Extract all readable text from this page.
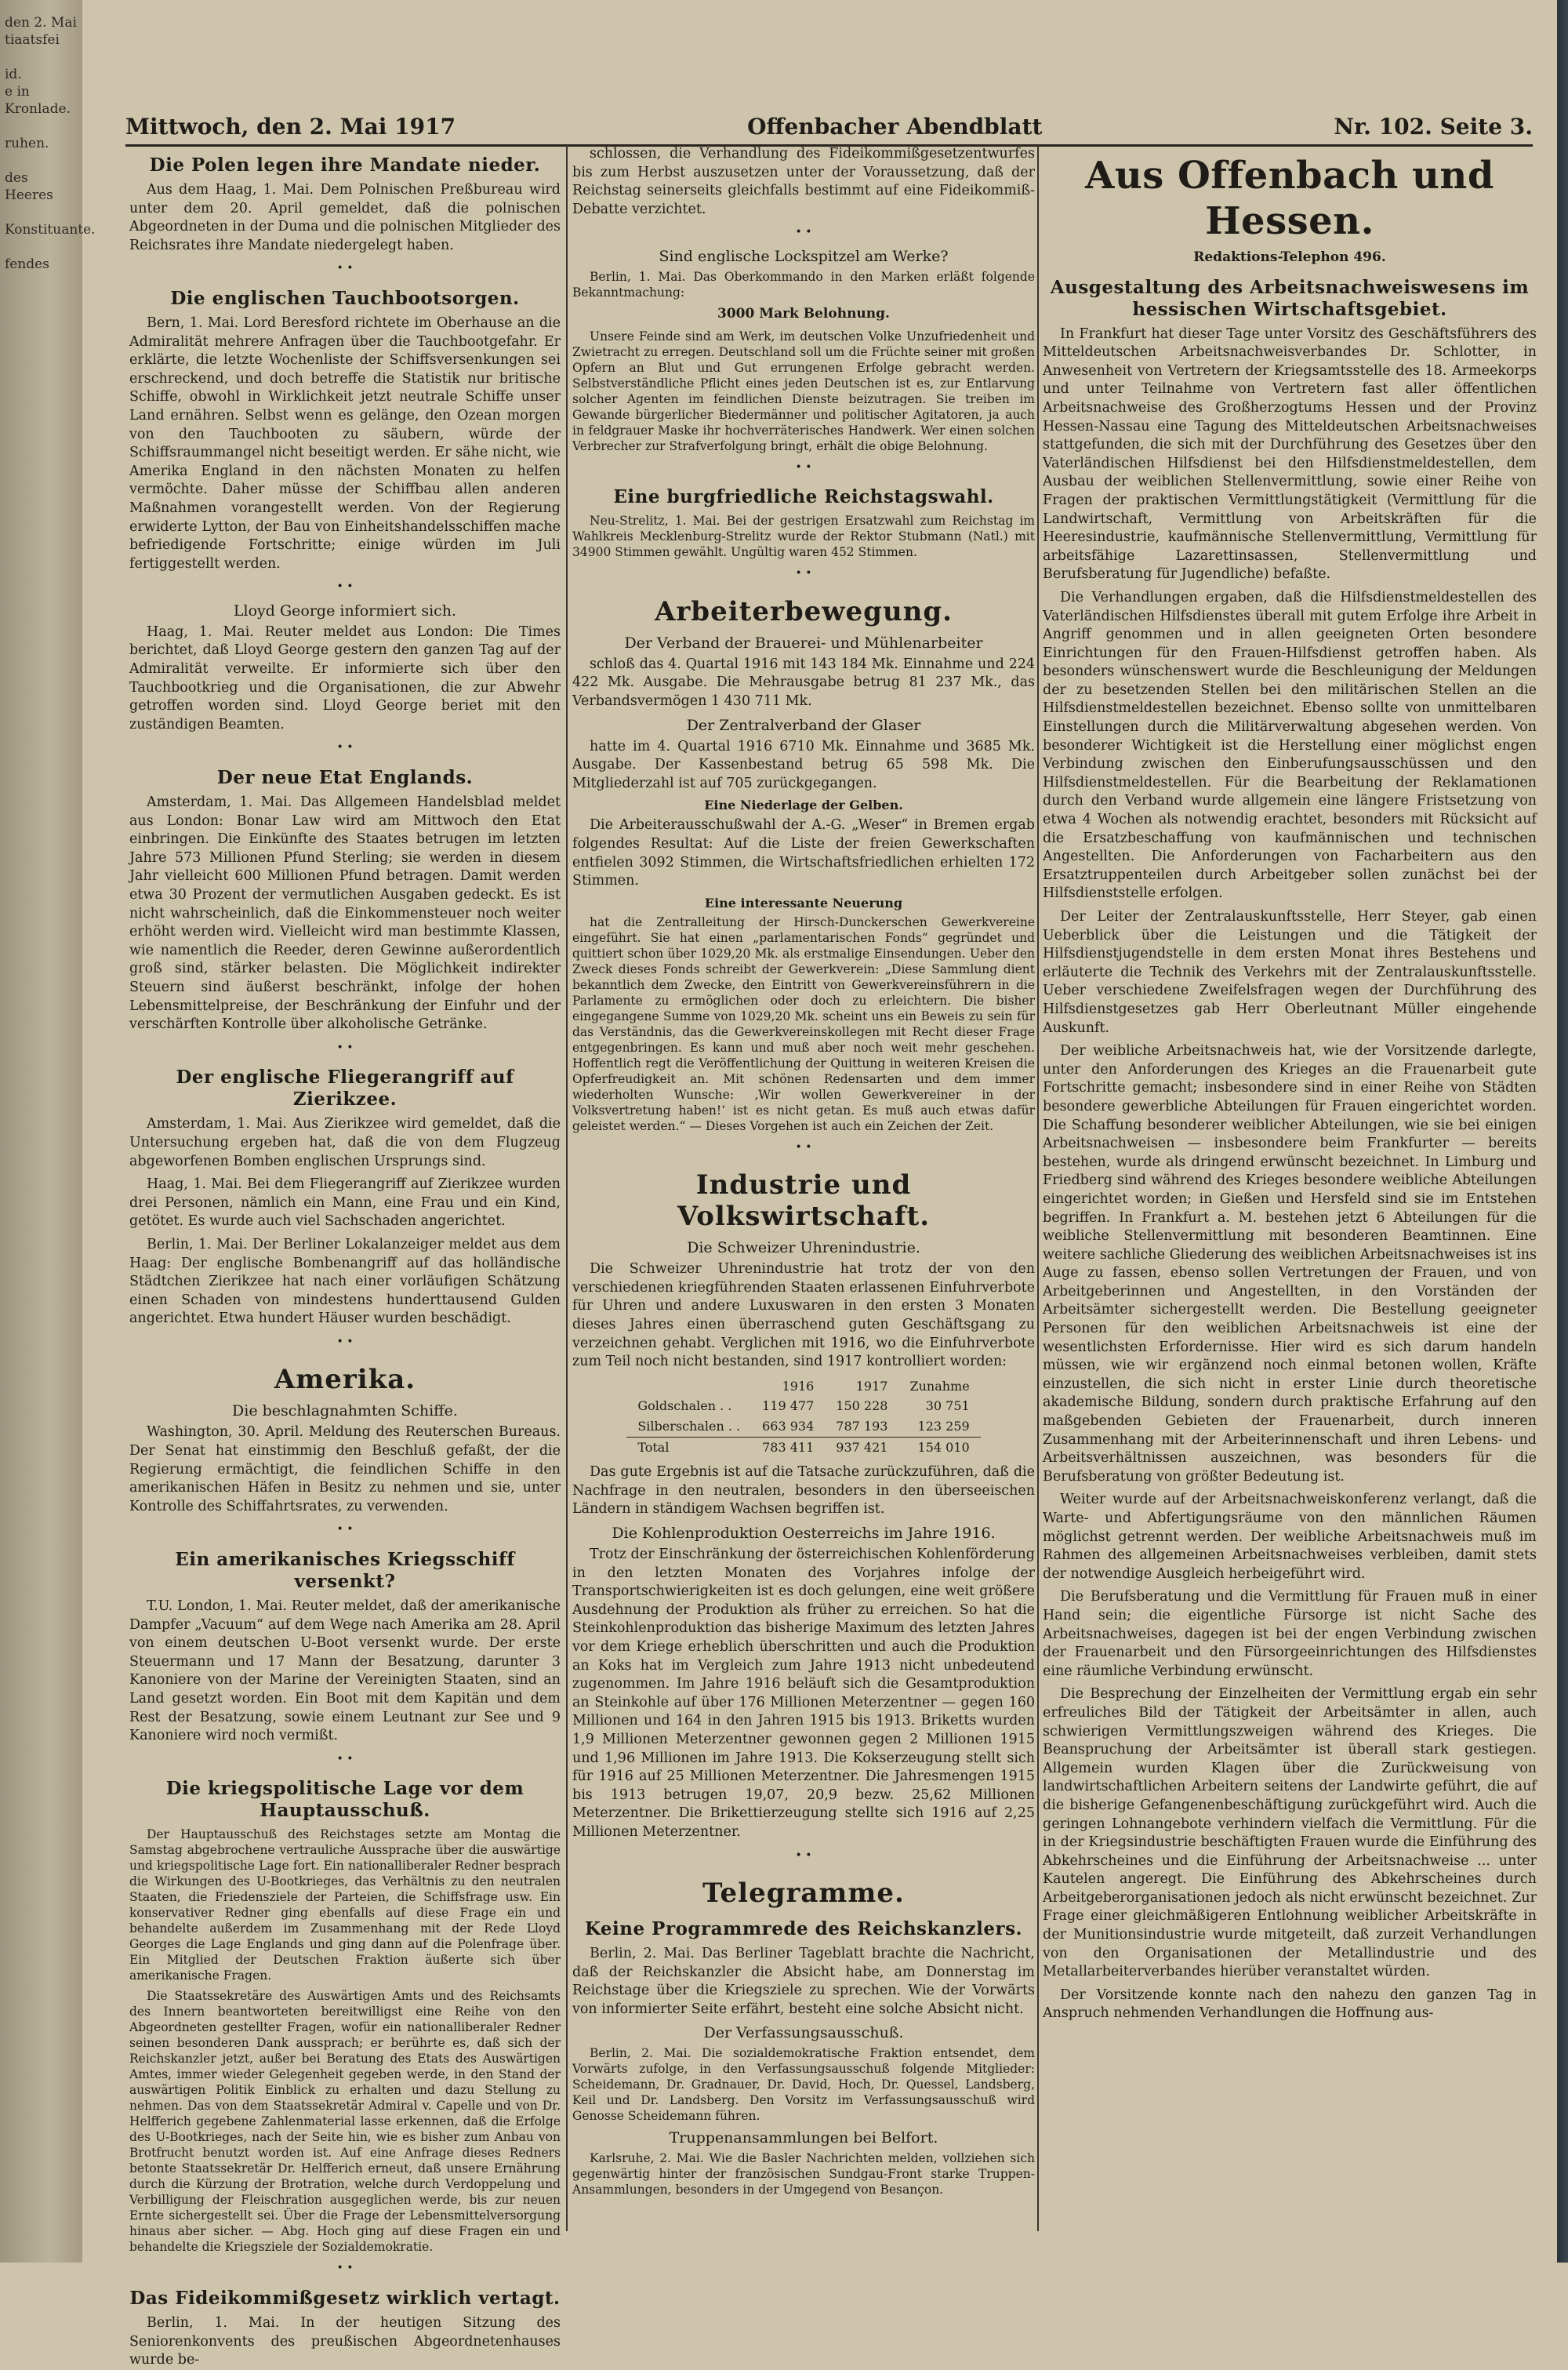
den 2. Mai
tiaatsfei

id.
e in Kronlade.

ruhen.

des Heeres

Konstituante.

fendes
Mittwoch, den 2. Mai 1917	Offenbacher Abendblatt	Nr. 102. Seite 3.
Die Polen legen ihre Mandate nieder.

Aus dem Haag, 1. Mai. Dem Polnischen Preßbureau wird unter dem 20. April gemeldet, daß die polnischen Abgeordneten in der Duma und die polnischen Mitglieder des Reichsrates ihre Mandate niedergelegt haben.

• •
Die englischen Tauchbootsorgen.

Bern, 1. Mai. Lord Beresford richtete im Oberhause an die Admiralität mehrere Anfragen über die Tauchbootgefahr. Er erklärte, die letzte Wochenliste der Schiffsversenkungen sei erschreckend, und doch betreffe die Statistik nur britische Schiffe, obwohl in Wirklichkeit jetzt neutrale Schiffe unser Land ernähren. Selbst wenn es gelänge, den Ozean morgen von den Tauchbooten zu säubern, würde der Schiffsraummangel nicht beseitigt werden. Er sähe nicht, wie Amerika England in den nächsten Monaten zu helfen vermöchte. Daher müsse der Schiffbau allen anderen Maßnahmen vorangestellt werden. Von der Regierung erwiderte Lytton, der Bau von Einheitshandelsschiffen mache befriedigende Fortschritte; einige würden im Juli fertiggestellt werden.

• •
Lloyd George informiert sich.

Haag, 1. Mai. Reuter meldet aus London: Die Times berichtet, daß Lloyd George gestern den ganzen Tag auf der Admiralität verweilte. Er informierte sich über den Tauchbootkrieg und die Organisationen, die zur Abwehr getroffen worden sind. Lloyd George beriet mit den zuständigen Beamten.

• •
Der neue Etat Englands.

Amsterdam, 1. Mai. Das Allgemeen Handelsblad meldet aus London: Bonar Law wird am Mittwoch den Etat einbringen. Die Einkünfte des Staates betrugen im letzten Jahre 573 Millionen Pfund Sterling; sie werden in diesem Jahr vielleicht 600 Millionen Pfund betragen. Damit werden etwa 30 Prozent der vermutlichen Ausgaben gedeckt. Es ist nicht wahrscheinlich, daß die Einkommensteuer noch weiter erhöht werden wird. Vielleicht wird man bestimmte Klassen, wie namentlich die Reeder, deren Gewinne außerordentlich groß sind, stärker belasten. Die Möglichkeit indirekter Steuern sind äußerst beschränkt, infolge der hohen Lebensmittelpreise, der Beschränkung der Einfuhr und der verschärften Kontrolle über alkoholische Getränke.

• •
Der englische Fliegerangriff auf Zierikzee.

Amsterdam, 1. Mai. Aus Zierikzee wird gemeldet, daß die Untersuchung ergeben hat, daß die von dem Flugzeug abgeworfenen Bomben englischen Ursprungs sind.

Haag, 1. Mai. Bei dem Fliegerangriff auf Zierikzee wurden drei Personen, nämlich ein Mann, eine Frau und ein Kind, getötet. Es wurde auch viel Sachschaden angerichtet.

Berlin, 1. Mai. Der Berliner Lokalanzeiger meldet aus dem Haag: Der englische Bombenangriff auf das holländische Städtchen Zierikzee hat nach einer vorläufigen Schätzung einen Schaden von mindestens hunderttausend Gulden angerichtet. Etwa hundert Häuser wurden beschädigt.

• •
Amerika.
Die beschlagnahmten Schiffe.

Washington, 30. April. Meldung des Reuterschen Bureaus. Der Senat hat einstimmig den Beschluß gefaßt, der die Regierung ermächtigt, die feindlichen Schiffe in den amerikanischen Häfen in Besitz zu nehmen und sie, unter Kontrolle des Schiffahrtsrates, zu verwenden.

• •
Ein amerikanisches Kriegsschiff versenkt?

T.U. London, 1. Mai. Reuter meldet, daß der amerikanische Dampfer „Vacuum“ auf dem Wege nach Amerika am 28. April von einem deutschen U-Boot versenkt wurde. Der erste Steuermann und 17 Mann der Besatzung, darunter 3 Kanoniere von der Marine der Vereinigten Staaten, sind an Land gesetzt worden. Ein Boot mit dem Kapitän und dem Rest der Besatzung, sowie einem Leutnant zur See und 9 Kanoniere wird noch vermißt.

• •
Die kriegspolitische Lage vor dem Hauptausschuß.

Der Hauptausschuß des Reichstages setzte am Montag die Samstag abgebrochene vertrauliche Aussprache über die auswärtige und kriegspolitische Lage fort. Ein nationalliberaler Redner besprach die Wirkungen des U-Bootkrieges, das Verhältnis zu den neutralen Staaten, die Friedensziele der Parteien, die Schiffsfrage usw. Ein konservativer Redner ging ebenfalls auf diese Frage ein und behandelte außerdem im Zusammenhang mit der Rede Lloyd Georges die Lage Englands und ging dann auf die Polenfrage über. Ein Mitglied der Deutschen Fraktion äußerte sich über amerikanische Fragen.

Die Staatssekretäre des Auswärtigen Amts und des Reichsamts des Innern beantworteten bereitwilligst eine Reihe von den Abgeordneten gestellter Fragen, wofür ein nationalliberaler Redner seinen besonderen Dank aussprach; er berührte es, daß sich der Reichskanzler jetzt, außer bei Beratung des Etats des Auswärtigen Amtes, immer wieder Gelegenheit gegeben werde, in den Stand der auswärtigen Politik Einblick zu erhalten und dazu Stellung zu nehmen. Das von dem Staatssekretär Admiral v. Capelle und von Dr. Helfferich gegebene Zahlenmaterial lasse erkennen, daß die Erfolge des U-Bootkrieges, nach der Seite hin, wie es bisher zum Anbau von Brotfrucht benutzt worden ist. Auf eine Anfrage dieses Redners betonte Staatssekretär Dr. Helfferich erneut, daß unsere Ernährung durch die Kürzung der Brotration, welche durch Verdoppelung und Verbilligung der Fleischration ausgeglichen werde, bis zur neuen Ernte sichergestellt sei. Über die Frage der Lebensmittelversorgung hinaus aber sicher. — Abg. Hoch ging auf diese Fragen ein und behandelte die Kriegsziele der Sozialdemokratie.

• •
Das Fideikommißgesetz wirklich vertagt.

Berlin, 1. Mai. In der heutigen Sitzung des Seniorenkonvents des preußischen Abgeordnetenhauses wurde be-

schlossen, die Verhandlung des Fideikommißgesetzentwurfes bis zum Herbst auszusetzen unter der Voraussetzung, daß der Reichstag seinerseits gleichfalls bestimmt auf eine Fideikommiß-Debatte verzichtet.

• •
Sind englische Lockspitzel am Werke?

Berlin, 1. Mai. Das Oberkommando in den Marken erläßt folgende Bekanntmachung:

3000 Mark Belohnung.

Unsere Feinde sind am Werk, im deutschen Volke Unzufriedenheit und Zwietracht zu erregen. Deutschland soll um die Früchte seiner mit großen Opfern an Blut und Gut errungenen Erfolge gebracht werden. Selbstverständliche Pflicht eines jeden Deutschen ist es, zur Entlarvung solcher Agenten im feindlichen Dienste beizutragen. Sie treiben im Gewande bürgerlicher Biedermänner und politischer Agitatoren, ja auch in feldgrauer Maske ihr hochverräterisches Handwerk. Wer einen solchen Verbrecher zur Strafverfolgung bringt, erhält die obige Belohnung.

• •
Eine burgfriedliche Reichstagswahl.

Neu-Strelitz, 1. Mai. Bei der gestrigen Ersatzwahl zum Reichstag im Wahlkreis Mecklenburg-Strelitz wurde der Rektor Stubmann (Natl.) mit 34900 Stimmen gewählt. Ungültig waren 452 Stimmen.

• •
Arbeiterbewegung.
Der Verband der Brauerei- und Mühlenarbeiter

schloß das 4. Quartal 1916 mit 143 184 Mk. Einnahme und 224 422 Mk. Ausgabe. Die Mehrausgabe betrug 81 237 Mk., das Verbandsvermögen 1 430 711 Mk.

Der Zentralverband der Glaser

hatte im 4. Quartal 1916 6710 Mk. Einnahme und 3685 Mk. Ausgabe. Der Kassenbestand betrug 65 598 Mk. Die Mitgliederzahl ist auf 705 zurückgegangen.

Eine Niederlage der Gelben.

Die Arbeiterausschußwahl der A.-G. „Weser“ in Bremen ergab folgendes Resultat: Auf die Liste der freien Gewerkschaften entfielen 3092 Stimmen, die Wirtschaftsfriedlichen erhielten 172 Stimmen.

Eine interessante Neuerung

hat die Zentralleitung der Hirsch-Dunckerschen Gewerkvereine eingeführt. Sie hat einen „parlamentarischen Fonds“ gegründet und quittiert schon über 1029,20 Mk. als erstmalige Einsendungen. Ueber den Zweck dieses Fonds schreibt der Gewerkverein: „Diese Sammlung dient bekanntlich dem Zwecke, den Eintritt von Gewerkvereinsführern in die Parlamente zu ermöglichen oder doch zu erleichtern. Die bisher eingegangene Summe von 1029,20 Mk. scheint uns ein Beweis zu sein für das Verständnis, das die Gewerkvereinskollegen mit Recht dieser Frage entgegenbringen. Es kann und muß aber noch weit mehr geschehen. Hoffentlich regt die Veröffentlichung der Quittung in weiteren Kreisen die Opferfreudigkeit an. Mit schönen Redensarten und dem immer wiederholten Wunsche: ‚Wir wollen Gewerkvereiner in der Volksvertretung haben!‘ ist es nicht getan. Es muß auch etwas dafür geleistet werden.“ — Dieses Vorgehen ist auch ein Zeichen der Zeit.

• •
Industrie und Volkswirtschaft.
Die Schweizer Uhrenindustrie.

Die Schweizer Uhrenindustrie hat trotz der von den verschiedenen kriegführenden Staaten erlassenen Einfuhrverbote für Uhren und andere Luxuswaren in den ersten 3 Monaten dieses Jahres einen überraschend guten Geschäftsgang zu verzeichnen gehabt. Verglichen mit 1916, wo die Einfuhrverbote zum Teil noch nicht bestanden, sind 1917 kontrolliert worden:

	1916	1917	Zunahme
Goldschalen . .	119 477	150 228	30 751
Silberschalen . .	663 934	787 193	123 259
Total	783 411	937 421	154 010

Das gute Ergebnis ist auf die Tatsache zurückzuführen, daß die Nachfrage in den neutralen, besonders in den überseeischen Ländern in ständigem Wachsen begriffen ist.

Die Kohlenproduktion Oesterreichs im Jahre 1916.

Trotz der Einschränkung der österreichischen Kohlenförderung in den letzten Monaten des Vorjahres infolge der Transportschwierigkeiten ist es doch gelungen, eine weit größere Ausdehnung der Produktion als früher zu erreichen. So hat die Steinkohlenproduktion das bisherige Maximum des letzten Jahres vor dem Kriege erheblich überschritten und auch die Produktion an Koks hat im Vergleich zum Jahre 1913 nicht unbedeutend zugenommen. Im Jahre 1916 beläuft sich die Gesamtproduktion an Steinkohle auf über 176 Millionen Meterzentner — gegen 160 Millionen und 164 in den Jahren 1915 bis 1913. Briketts wurden 1,9 Millionen Meterzentner gewonnen gegen 2 Millionen 1915 und 1,96 Millionen im Jahre 1913. Die Kokserzeugung stellt sich für 1916 auf 25 Millionen Meterzentner. Die Jahresmengen 1915 bis 1913 betrugen 19,07, 20,9 bezw. 25,62 Millionen Meterzentner. Die Brikettierzeugung stellte sich 1916 auf 2,25 Millionen Meterzentner.

• •
Telegramme.
Keine Programmrede des Reichskanzlers.

Berlin, 2. Mai. Das Berliner Tageblatt brachte die Nachricht, daß der Reichskanzler die Absicht habe, am Donnerstag im Reichstage über die Kriegsziele zu sprechen. Wie der Vorwärts von informierter Seite erfährt, besteht eine solche Absicht nicht.

Der Verfassungsausschuß.

Berlin, 2. Mai. Die sozialdemokratische Fraktion entsendet, dem Vorwärts zufolge, in den Verfassungsausschuß folgende Mitglieder: Scheidemann, Dr. Gradnauer, Dr. David, Hoch, Dr. Quessel, Landsberg, Keil und Dr. Landsberg. Den Vorsitz im Verfassungsausschuß wird Genosse Scheidemann führen.

Truppenansammlungen bei Belfort.

Karlsruhe, 2. Mai. Wie die Basler Nachrichten melden, vollziehen sich gegenwärtig hinter der französischen Sundgau-Front starke Truppen-Ansammlungen, besonders in der Umgegend von Besançon.

Aus Offenbach und Hessen.
Redaktions-Telephon 496.
Ausgestaltung des Arbeitsnachweiswesens im hessischen Wirtschaftsgebiet.

In Frankfurt hat dieser Tage unter Vorsitz des Geschäftsführers des Mitteldeutschen Arbeitsnachweisverbandes Dr. Schlotter, in Anwesenheit von Vertretern der Kriegsamtsstelle des 18. Armeekorps und unter Teilnahme von Vertretern fast aller öffentlichen Arbeitsnachweise des Großherzogtums Hessen und der Provinz Hessen-Nassau eine Tagung des Mitteldeutschen Arbeitsnachweises stattgefunden, die sich mit der Durchführung des Gesetzes über den Vaterländischen Hilfsdienst bei den Hilfsdienstmeldestellen, dem Ausbau der weiblichen Stellenvermittlung, sowie einer Reihe von Fragen der praktischen Vermittlungstätigkeit (Vermittlung für die Landwirtschaft, Vermittlung von Arbeitskräften für die Heeresindustrie, kaufmännische Stellenvermittlung, Vermittlung für arbeitsfähige Lazarettinsassen, Stellenvermittlung und Berufsberatung für Jugendliche) befaßte.

Die Verhandlungen ergaben, daß die Hilfsdienstmeldestellen des Vaterländischen Hilfsdienstes überall mit gutem Erfolge ihre Arbeit in Angriff genommen und in allen geeigneten Orten besondere Einrichtungen für den Frauen-Hilfsdienst getroffen haben. Als besonders wünschenswert wurde die Beschleunigung der Meldungen der zu besetzenden Stellen bei den militärischen Stellen an die Hilfsdienstmeldestellen bezeichnet. Ebenso sollte von unmittelbaren Einstellungen durch die Militärverwaltung abgesehen werden. Von besonderer Wichtigkeit ist die Herstellung einer möglichst engen Verbindung zwischen den Einberufungsausschüssen und den Hilfsdienstmeldestellen. Für die Bearbeitung der Reklamationen durch den Verband wurde allgemein eine längere Fristsetzung von etwa 4 Wochen als notwendig erachtet, besonders mit Rücksicht auf die Ersatzbeschaffung von kaufmännischen und technischen Angestellten. Die Anforderungen von Facharbeitern aus den Ersatztruppenteilen durch Arbeitgeber sollen zunächst bei der Hilfsdienststelle erfolgen.

Der Leiter der Zentralauskunftsstelle, Herr Steyer, gab einen Ueberblick über die Leistungen und die Tätigkeit der Hilfsdienstjugendstelle in dem ersten Monat ihres Bestehens und erläuterte die Technik des Verkehrs mit der Zentralauskunftsstelle. Ueber verschiedene Zweifelsfragen wegen der Durchführung des Hilfsdienstgesetzes gab Herr Oberleutnant Müller eingehende Auskunft.

Der weibliche Arbeitsnachweis hat, wie der Vorsitzende darlegte, unter den Anforderungen des Krieges an die Frauenarbeit gute Fortschritte gemacht; insbesondere sind in einer Reihe von Städten besondere gewerbliche Abteilungen für Frauen eingerichtet worden. Die Schaffung besonderer weiblicher Abteilungen, wie sie bei einigen Arbeitsnachweisen — insbesondere beim Frankfurter — bereits bestehen, wurde als dringend erwünscht bezeichnet. In Limburg und Friedberg sind während des Krieges besondere weibliche Abteilungen eingerichtet worden; in Gießen und Hersfeld sind sie im Entstehen begriffen. In Frankfurt a. M. bestehen jetzt 6 Abteilungen für die weibliche Stellenvermittlung mit besonderen Beamtinnen. Eine weitere sachliche Gliederung des weiblichen Arbeitsnachweises ist ins Auge zu fassen, ebenso sollen Vertretungen der Frauen, und von Arbeitgeberinnen und Angestellten, in den Vorständen der Arbeitsämter sichergestellt werden. Die Bestellung geeigneter Personen für den weiblichen Arbeitsnachweis ist eine der wesentlichsten Erfordernisse. Hier wird es sich darum handeln müssen, wie wir ergänzend noch einmal betonen wollen, Kräfte einzustellen, die sich nicht in erster Linie durch theoretische akademische Bildung, sondern durch praktische Erfahrung auf den maßgebenden Gebieten der Frauenarbeit, durch inneren Zusammenhang mit der Arbeiterinnenschaft und ihren Lebens- und Arbeitsverhältnissen auszeichnen, was besonders für die Berufsberatung von größter Bedeutung ist.

Weiter wurde auf der Arbeitsnachweiskonferenz verlangt, daß die Warte- und Abfertigungsräume von den männlichen Räumen möglichst getrennt werden. Der weibliche Arbeitsnachweis muß im Rahmen des allgemeinen Arbeitsnachweises verbleiben, damit stets der notwendige Ausgleich herbeigeführt wird.

Die Berufsberatung und die Vermittlung für Frauen muß in einer Hand sein; die eigentliche Fürsorge ist nicht Sache des Arbeitsnachweises, dagegen ist bei der engen Verbindung zwischen der Frauenarbeit und den Fürsorgeeinrichtungen des Hilfsdienstes eine räumliche Verbindung erwünscht.

Die Besprechung der Einzelheiten der Vermittlung ergab ein sehr erfreuliches Bild der Tätigkeit der Arbeitsämter in allen, auch schwierigen Vermittlungszweigen während des Krieges. Die Beanspruchung der Arbeitsämter ist überall stark gestiegen. Allgemein wurden Klagen über die Zurückweisung von landwirtschaftlichen Arbeitern seitens der Landwirte geführt, die auf die bisherige Gefangenenbeschäftigung zurückgeführt wird. Auch die geringen Lohnangebote verhindern vielfach die Vermittlung. Für die in der Kriegsindustrie beschäftigten Frauen wurde die Einführung des Abkehrscheines und die Einführung der Arbeitsnachweise ... unter Kautelen angeregt. Die Einführung des Abkehrscheines durch Arbeitgeberorganisationen jedoch als nicht erwünscht bezeichnet. Zur Frage einer gleichmäßigeren Entlohnung weiblicher Arbeitskräfte in der Munitionsindustrie wurde mitgeteilt, daß zurzeit Verhandlungen von den Organisationen der Metallindustrie und des Metallarbeiterverbandes hierüber veranstaltet würden.

Der Vorsitzende konnte nach den nahezu den ganzen Tag in Anspruch nehmenden Verhandlungen die Hoffnung aus-
